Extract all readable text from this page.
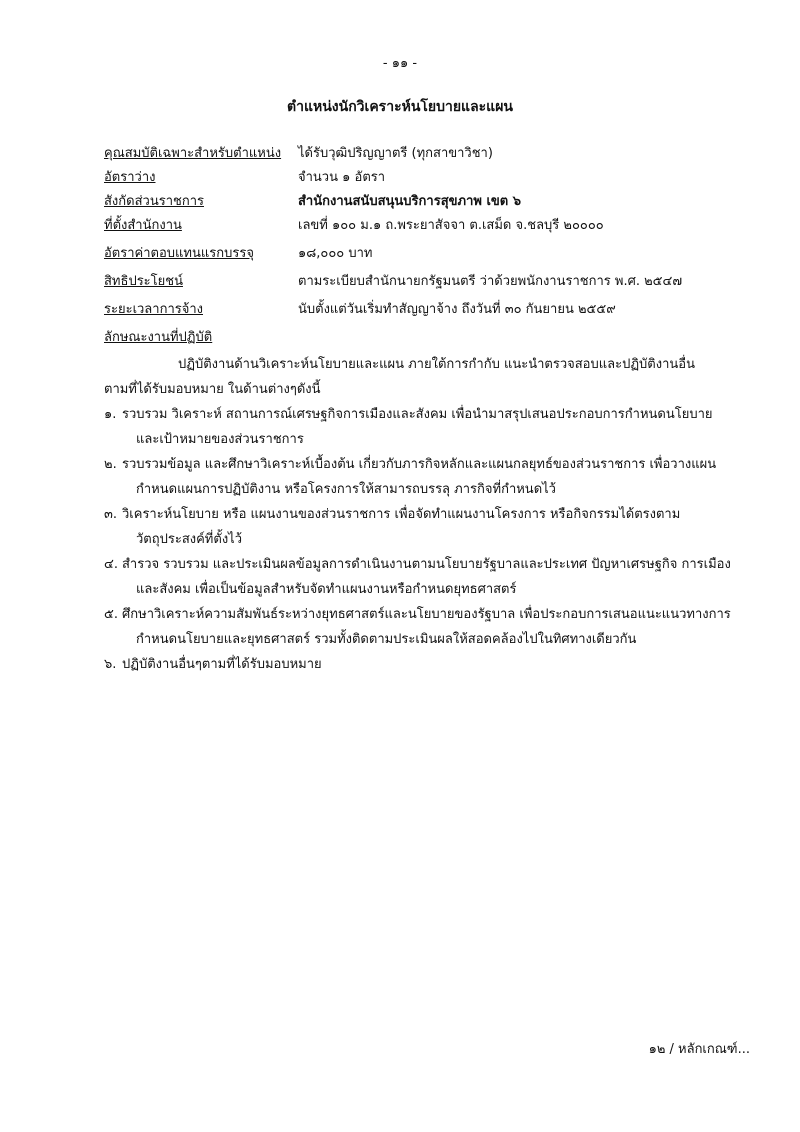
- ๑๑ -
ตำแหน่งนักวิเคราะห์นโยบายและแผน
คุณสมบัติเฉพาะสำหรับตำแหน่ง ได้รับวุฒิปริญญาตรี (ทุกสาขาวิชา)
อัตราว่าง	จำนวน ๑ อัตรา
สังกัดส่วนราชการ	สำนักงานสนับสนุนบริการสุขภาพ เขต ๖
ที่ตั้งสำนักงาน	เลขที่ ๑๐๐ ม.๑ ถ.พระยาสัจจา ต.เสม็ด จ.ชลบุรี ๒๐๐๐๐
อัตราค่าตอบแทนแรกบรรจุ	๑๘,๐๐๐ บาท
สิทธิประโยชน์	ตามระเบียบสำนักนายกรัฐมนตรี ว่าด้วยพนักงานราชการ พ.ศ. ๒๕๔๗
ระยะเวลาการจ้าง	นับตั้งแต่วันเริ่มทำสัญญาจ้าง ถึงวันที่ ๓๐ กันยายน ๒๕๕๙
ลักษณะงานที่ปฏิบัติ
ปฏิบัติงานด้านวิเคราะห์นโยบายและแผน ภายใต้การกำกับ แนะนำตรวจสอบและปฏิบัติงานอื่น
ตามที่ได้รับมอบหมาย ในด้านต่างๆดังนี้
๑. รวบรวม วิเคราะห์ สถานการณ์เศรษฐกิจการเมืองและสังคม เพื่อนำมาสรุปเสนอประกอบการกำหนดนโยบาย
และเป้าหมายของส่วนราชการ
๒. รวบรวมข้อมูล และศึกษาวิเคราะห์เบื้องต้น เกี่ยวกับภารกิจหลักและแผนกลยุทธ์ของส่วนราชการ เพื่อวางแผน
กำหนดแผนการปฏิบัติงาน หรือโครงการให้สามารถบรรลุ ภารกิจที่กำหนดไว้
๓. วิเคราะห์นโยบาย หรือ แผนงานของส่วนราชการ เพื่อจัดทำแผนงานโครงการ หรือกิจกรรมได้ตรงตาม
วัตถุประสงค์ที่ตั้งไว้
๔. สำรวจ รวบรวม และประเมินผลข้อมูลการดำเนินงานตามนโยบายรัฐบาลและประเทศ ปัญหาเศรษฐกิจ การเมือง
และสังคม เพื่อเป็นข้อมูลสำหรับจัดทำแผนงานหรือกำหนดยุทธศาสตร์
๕. ศึกษาวิเคราะห์ความสัมพันธ์ระหว่างยุทธศาสตร์และนโยบายของรัฐบาล เพื่อประกอบการเสนอแนะแนวทางการ
กำหนดนโยบายและยุทธศาสตร์ รวมทั้งติดตามประเมินผลให้สอดคล้องไปในทิศทางเดียวกัน
๖. ปฏิบัติงานอื่นๆตามที่ได้รับมอบหมาย
๑๒ / หลักเกณฑ์...
